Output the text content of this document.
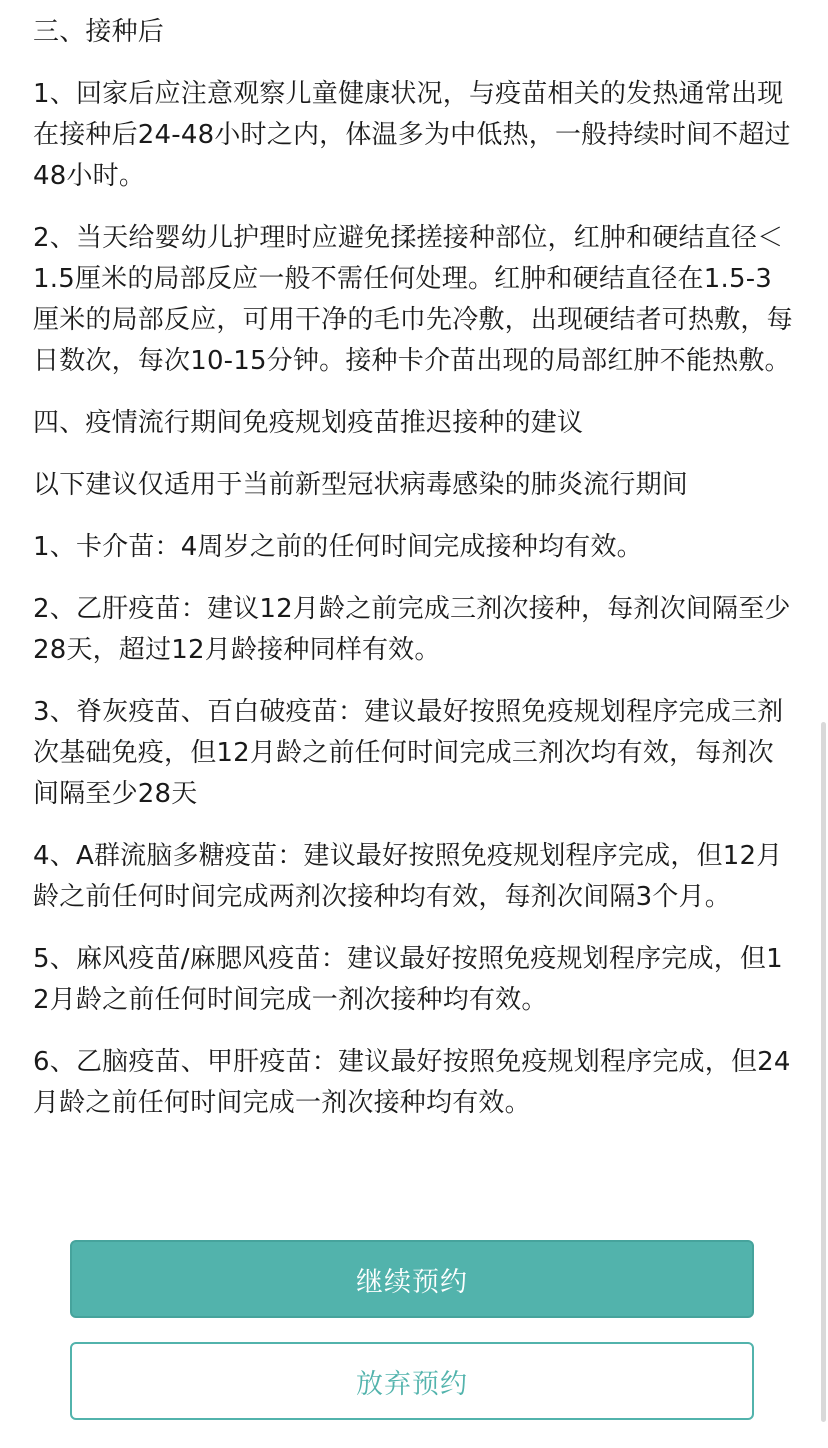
三、接种后

1、回家后应注意观察儿童健康状况，与疫苗相关的发热通常出现在接种后24-48小时之内，体温多为中低热，一般持续时间不超过48小时。

2、当天给婴幼儿护理时应避免揉搓接种部位，红肿和硬结直径＜1.5厘米的局部反应一般不需任何处理。红肿和硬结直径在1.5-3厘米的局部反应，可用干净的毛巾先冷敷，出现硬结者可热敷，每日数次，每次10-15分钟。接种卡介苗出现的局部红肿不能热敷。

四、疫情流行期间免疫规划疫苗推迟接种的建议

以下建议仅适用于当前新型冠状病毒感染的肺炎流行期间

1、卡介苗：4周岁之前的任何时间完成接种均有效。

2、乙肝疫苗：建议12月龄之前完成三剂次接种，每剂次间隔至少28天，超过12月龄接种同样有效。

3、脊灰疫苗、百白破疫苗：建议最好按照免疫规划程序完成三剂次基础免疫，但12月龄之前任何时间完成三剂次均有效，每剂次间隔至少28天

4、A群流脑多糖疫苗：建议最好按照免疫规划程序完成，但12月龄之前任何时间完成两剂次接种均有效，每剂次间隔3个月。

5、麻风疫苗/麻腮风疫苗：建议最好按照免疫规划程序完成，但12月龄之前任何时间完成一剂次接种均有效。

6、乙脑疫苗、甲肝疫苗：建议最好按照免疫规划程序完成，但24月龄之前任何时间完成一剂次接种均有效。

继续预约
放弃预约
